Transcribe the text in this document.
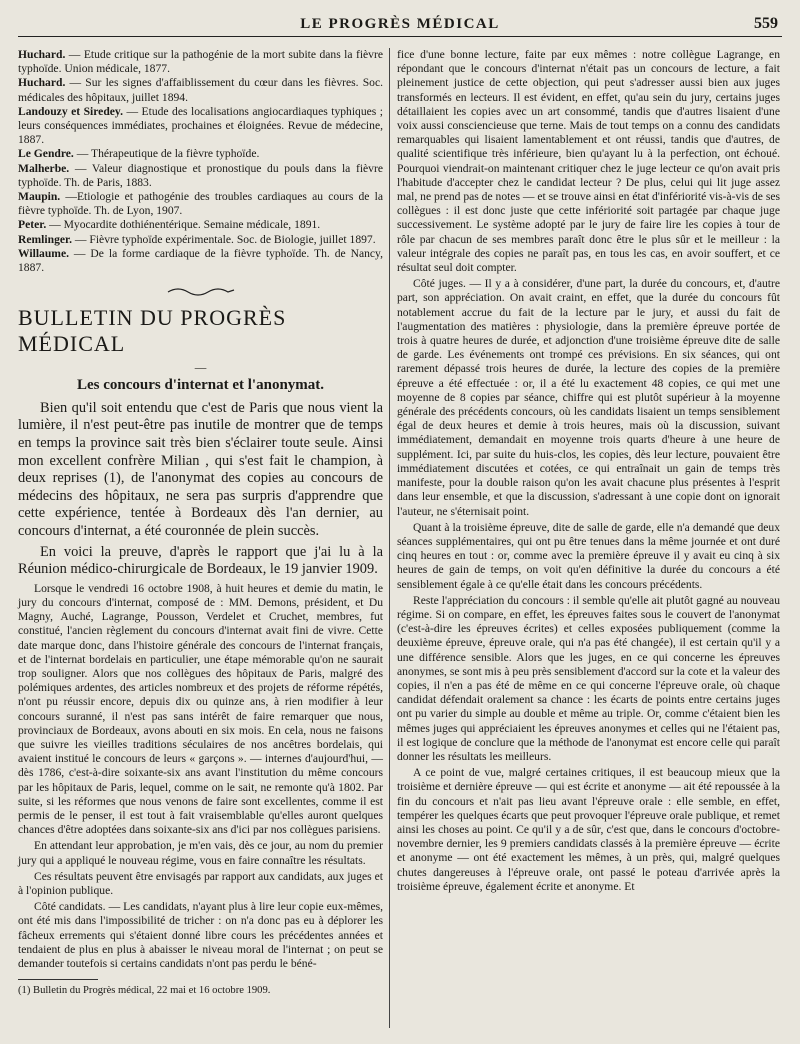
LE PROGRÈS MÉDICAL	559

Huchard. — Etude critique sur la pathogénie de la mort subite dans la fièvre typhoïde. Union médicale, 1877.

Huchard. — Sur les signes d'affaiblissement du cœur dans les fièvres. Soc. médicales des hôpitaux, juillet 1894.

Landouzy et Siredey. — Etude des localisations angiocardiaques typhiques ; leurs conséquences immédiates, prochaines et éloignées. Revue de médecine, 1887.

Le Gendre. — Thérapeutique de la fièvre typhoïde.

Malherbe. — Valeur diagnostique et pronostique du pouls dans la fièvre typhoïde. Th. de Paris, 1883.

Maupin. —Etiologie et pathogénie des troubles cardiaques au cours de la fièvre typhoïde. Th. de Lyon, 1907.

Peter. — Myocardite dothiénentérique. Semaine médicale, 1891.

Remlinger. — Fièvre typhoïde expérimentale. Soc. de Biologie, juillet 1897.

Willaume. — De la forme cardiaque de la fièvre typhoïde. Th. de Nancy, 1887.

BULLETIN DU PROGRÈS MÉDICAL
—
Les concours d'internat et l'anonymat.

Bien qu'il soit entendu que c'est de Paris que nous vient la lumière, il n'est peut-être pas inutile de montrer que de temps en temps la province sait très bien s'éclairer toute seule. Ainsi mon excellent confrère Milian , qui s'est fait le champion, à deux reprises (1), de l'anonymat des copies au concours de médecins des hôpitaux, ne sera pas surpris d'apprendre que cette expérience, tentée à Bordeaux dès l'an dernier, au concours d'internat, a été couronnée de plein succès.

En voici la preuve, d'après le rapport que j'ai lu à la Réunion médico-chirurgicale de Bordeaux, le 19 janvier 1909.

Lorsque le vendredi 16 octobre 1908, à huit heures et demie du matin, le jury du concours d'internat, composé de : MM. Demons, président, et Du Magny, Auché, Lagrange, Pousson, Verdelet et Cruchet, membres, fut constitué, l'ancien règlement du concours d'internat avait fini de vivre. Cette date marque donc, dans l'histoire générale des concours de l'internat français, et de l'internat bordelais en particulier, une étape mémorable qu'on ne saurait trop souligner. Alors que nos collègues des hôpitaux de Paris, malgré des polémiques ardentes, des articles nombreux et des projets de réforme répétés, n'ont pu réussir encore, depuis dix ou quinze ans, à rien modifier à leur concours suranné, il n'est pas sans intérêt de faire remarquer que nous, provinciaux de Bordeaux, avons abouti en six mois. En cela, nous ne faisons que suivre les vieilles traditions séculaires de nos ancêtres bordelais, qui avaient institué le concours de leurs « garçons ». — internes d'aujourd'hui, — dès 1786, c'est-à-dire soixante-six ans avant l'institution du même concours par les hôpitaux de Paris, lequel, comme on le sait, ne remonte qu'à 1802. Par suite, si les réformes que nous venons de faire sont excellentes, comme il est permis de le penser, il est tout à fait vraisemblable qu'elles auront quelques chances d'être adoptées dans soixante-six ans d'ici par nos collègues parisiens.

En attendant leur approbation, je m'en vais, dès ce jour, au nom du premier jury qui a appliqué le nouveau régime, vous en faire connaître les résultats.

Ces résultats peuvent être envisagés par rapport aux candidats, aux juges et à l'opinion publique.

Côté candidats. — Les candidats, n'ayant plus à lire leur copie eux-mêmes, ont été mis dans l'impossibilité de tricher : on n'a donc pas eu à déplorer les fâcheux errements qui s'étaient donné libre cours les précédentes années et tendaient de plus en plus à abaisser le niveau moral de l'internat ; on peut se demander toutefois si certains candidats n'ont pas perdu le béné-

(1) Bulletin du Progrès médical, 22 mai et 16 octobre 1909.

fice d'une bonne lecture, faite par eux mêmes : notre collègue Lagrange, en répondant que le concours d'internat n'était pas un concours de lecture, a fait pleinement justice de cette objection, qui peut s'adresser aussi bien aux juges transformés en lecteurs. Il est évident, en effet, qu'au sein du jury, certains juges détaillaient les copies avec un art consommé, tandis que d'autres lisaient d'une voix aussi consciencieuse que terne. Mais de tout temps on a connu des candidats remarquables qui lisaient lamentablement et ont réussi, tandis que d'autres, de qualité scientifique très inférieure, bien qu'ayant lu à la perfection, ont échoué. Pourquoi viendrait-on maintenant critiquer chez le juge lecteur ce qu'on avait pris l'habitude d'accepter chez le candidat lecteur ? De plus, celui qui lit juge assez mal, ne prend pas de notes — et se trouve ainsi en état d'infériorité vis-à-vis de ses collègues : il est donc juste que cette infériorité soit partagée par chaque juge successivement. Le système adopté par le jury de faire lire les copies à tour de rôle par chacun de ses membres paraît donc être le plus sûr et le meilleur : la valeur intégrale des copies ne paraît pas, en tous les cas, en avoir souffert, et ce résultat seul doit compter.

Côté juges. — Il y a à considérer, d'une part, la durée du concours, et, d'autre part, son appréciation. On avait craint, en effet, que la durée du concours fût notablement accrue du fait de la lecture par le jury, et aussi du fait de l'augmentation des matières : physiologie, dans la première épreuve portée de trois à quatre heures de durée, et adjonction d'une troisième épreuve dite de salle de garde. Les événements ont trompé ces prévisions. En six séances, qui ont rarement dépassé trois heures de durée, la lecture des copies de la première épreuve a été effectuée : or, il a été lu exactement 48 copies, ce qui met une moyenne de 8 copies par séance, chiffre qui est plutôt supérieur à la moyenne générale des précédents concours, où les candidats lisaient un temps sensiblement égal de deux heures et demie à trois heures, mais où la discussion, suivant immédiatement, demandait en moyenne trois quarts d'heure à une heure de supplément. Ici, par suite du huis-clos, les copies, dès leur lecture, pouvaient être immédiatement discutées et cotées, ce qui entraînait un gain de temps très manifeste, pour la double raison qu'on les avait chacune plus présentes à l'esprit dans leur ensemble, et que la discussion, s'adressant à une copie dont on ignorait l'auteur, ne s'éternisait point.

Quant à la troisième épreuve, dite de salle de garde, elle n'a demandé que deux séances supplémentaires, qui ont pu être tenues dans la même journée et ont duré cinq heures en tout : or, comme avec la première épreuve il y avait eu cinq à six heures de gain de temps, on voit qu'en définitive la durée du concours a été sensiblement égale à ce qu'elle était dans les concours précédents.

Reste l'appréciation du concours : il semble qu'elle ait plutôt gagné au nouveau régime. Si on compare, en effet, les épreuves faites sous le couvert de l'anonymat (c'est-à-dire les épreuves écrites) et celles exposées publiquement (comme la deuxième épreuve, épreuve orale, qui n'a pas été changée), il est certain qu'il y a une différence sensible. Alors que les juges, en ce qui concerne les épreuves anonymes, se sont mis à peu près sensiblement d'accord sur la cote et la valeur des copies, il n'en a pas été de même en ce qui concerne l'épreuve orale, où chaque candidat défendait oralement sa chance : les écarts de points entre certains juges ont pu varier du simple au double et même au triple. Or, comme c'étaient bien les mêmes juges qui appréciaient les épreuves anonymes et celles qui ne l'étaient pas, il est logique de conclure que la méthode de l'anonymat est encore celle qui paraît donner les résultats les meilleurs.

A ce point de vue, malgré certaines critiques, il est beaucoup mieux que la troisième et dernière épreuve — qui est écrite et anonyme — ait été repoussée à la fin du concours et n'ait pas lieu avant l'épreuve orale : elle semble, en effet, tempérer les quelques écarts que peut provoquer l'épreuve orale publique, et remet ainsi les choses au point. Ce qu'il y a de sûr, c'est que, dans le concours d'octobre-novembre dernier, les 9 premiers candidats classés à la première épreuve — écrite et anonyme — ont été exactement les mêmes, à un près, qui, malgré quelques chutes dangereuses à l'épreuve orale, ont passé le poteau d'arrivée après la troisième épreuve, également écrite et anonyme. Et
